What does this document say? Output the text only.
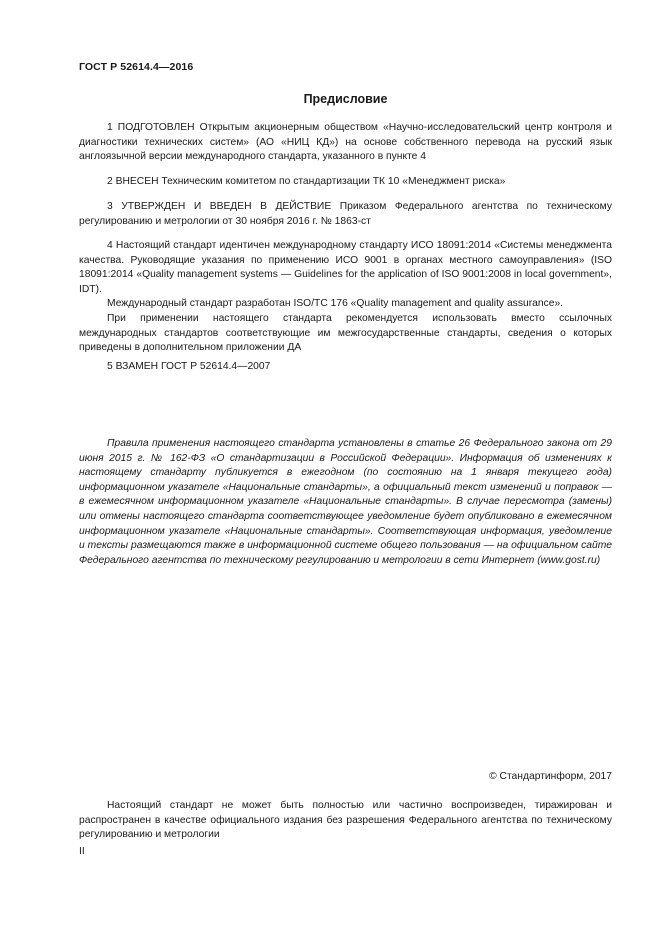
ГОСТ Р 52614.4—2016
Предисловие

1 ПОДГОТОВЛЕН Открытым акционерным обществом «Научно-исследовательский центр контроля и диагностики технических систем» (АО «НИЦ КД») на основе собственного перевода на русский язык англоязычной версии международного стандарта, указанного в пункте 4

2 ВНЕСЕН Техническим комитетом по стандартизации ТК 10 «Менеджмент риска»

3 УТВЕРЖДЕН И ВВЕДЕН В ДЕЙСТВИЕ Приказом Федерального агентства по техническому регулированию и метрологии от 30 ноября 2016 г. № 1863-ст

4 Настоящий стандарт идентичен международному стандарту ИСО 18091:2014 «Системы менеджмента качества. Руководящие указания по применению ИСО 9001 в органах местного самоуправления» (ISO 18091:2014 «Quality management systems — Guidelines for the application of ISO 9001:2008 in local government», IDT).

Международный стандарт разработан ISO/TC 176 «Quality management and quality assurance».

При применении настоящего стандарта рекомендуется использовать вместо ссылочных международных стандартов соответствующие им межгосударственные стандарты, сведения о которых приведены в дополнительном приложении ДА

5 ВЗАМЕН ГОСТ Р 52614.4—2007

Правила применения настоящего стандарта установлены в статье 26 Федерального закона от 29 июня 2015 г. № 162-ФЗ «О стандартизации в Российской Федерации». Информация об изменениях к настоящему стандарту публикуется в ежегодном (по состоянию на 1 января текущего года) информационном указателе «Национальные стандарты», а официальный текст изменений и поправок — в ежемесячном информационном указателе «Национальные стандарты». В случае пересмотра (замены) или отмены настоящего стандарта соответствующее уведомление будет опубликовано в ежемесячном информационном указателе «Национальные стандарты». Соответствующая информация, уведомление и тексты размещаются также в информационной системе общего пользования — на официальном сайте Федерального агентства по техническому регулированию и метрологии в сети Интернет (www.gost.ru)

© Стандартинформ, 2017

Настоящий стандарт не может быть полностью или частично воспроизведен, тиражирован и распространен в качестве официального издания без разрешения Федерального агентства по техническому регулированию и метрологии

II
